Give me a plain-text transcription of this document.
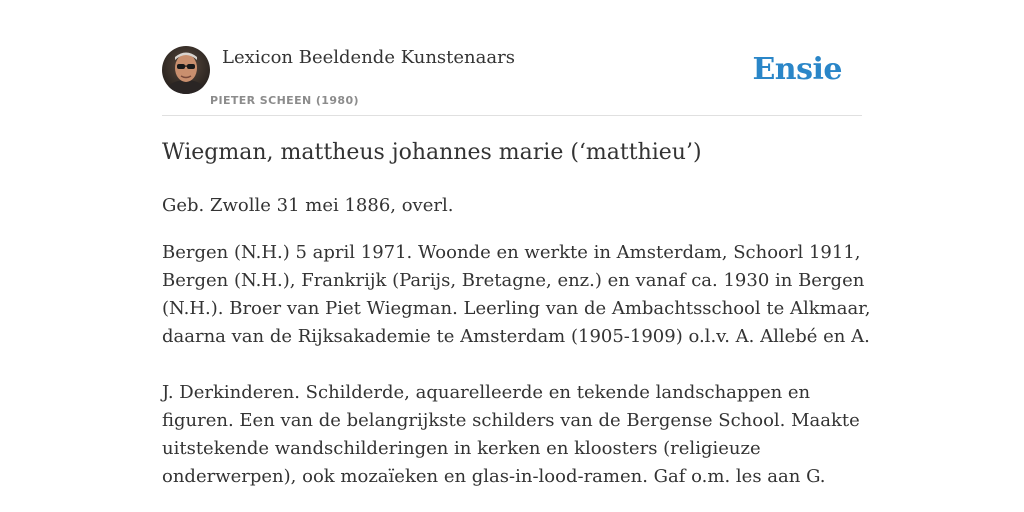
Lexicon Beeldende Kunstenaars
PIETER SCHEEN (1980)
Ensie
Wiegman, mattheus johannes marie (‘matthieu’)

Geb. Zwolle 31 mei 1886, overl.

Bergen (N.H.) 5 april 1971. Woonde en werkte in Amsterdam, Schoorl 1911, Bergen (N.H.), Frankrijk (Parijs, Bretagne, enz.) en vanaf ca. 1930 in Bergen (N.H.). Broer van Piet Wiegman. Leerling van de Ambachtsschool te Alkmaar, daarna van de Rijksakademie te Amsterdam (1905-1909) o.l.v. A. Allebé en A.

J. Derkinderen. Schilderde, aquarelleerde en tekende landschappen en figuren. Een van de belangrijkste schilders van de Bergense School. Maakte uitstekende wandschilderingen in kerken en kloosters (religieuze onderwerpen), ook mozaïeken en glas-in-lood-ramen. Gaf o.m. les aan G.
